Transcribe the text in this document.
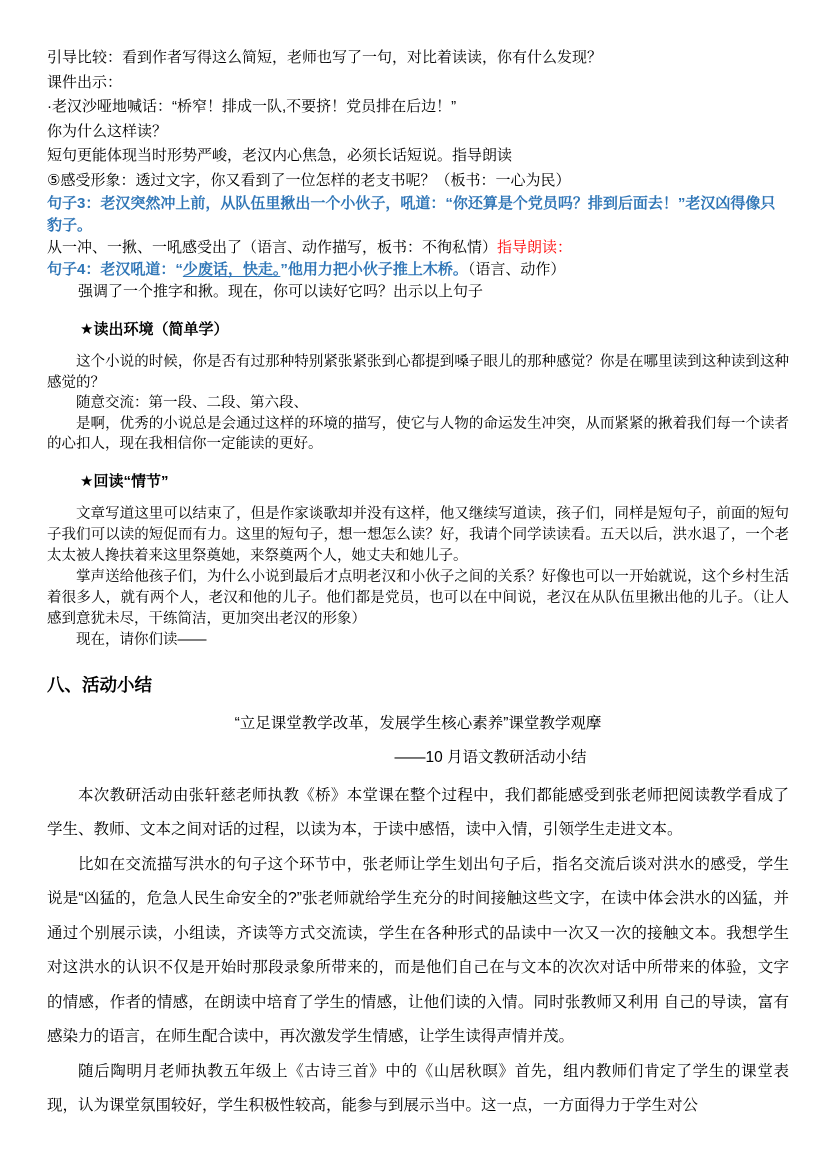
引导比较：看到作者写得这么简短，老师也写了一句，对比着读读，你有什么发现？
课件出示：
·老汉沙哑地喊话：“桥窄！排成一队,不要挤！党员排在后边！”
你为什么这样读？
短句更能体现当时形势严峻，老汉内心焦急，必须长话短说。指导朗读
⑤感受形象：透过文字，你又看到了一位怎样的老支书呢？（板书：一心为民）
句子3：老汉突然冲上前，从队伍里揪出一个小伙子，吼道：“你还算是个党员吗？排到后面去！”老汉凶得像只豹子。
从一冲、一揪、一吼感受出了（语言、动作描写，板书：不徇私情）指导朗读：
句子4：老汉吼道：“少废话，快走。”他用力把小伙子推上木桥。（语言、动作）
强调了一个推字和揪。现在，你可以读好它吗？出示以上句子
★读出环境（简单学）
这个小说的时候，你是否有过那种特别紧张紧张到心都提到嗓子眼儿的那种感觉？你是在哪里读到这种读到这种感觉的？
随意交流：第一段、二段、第六段、
是啊，优秀的小说总是会通过这样的环境的描写，使它与人物的命运发生冲突，从而紧紧的揪着我们每一个读者的心扣人，现在我相信你一定能读的更好。
★回读“情节”
文章写道这里可以结束了，但是作家谈歌却并没有这样，他又继续写道读，孩子们，同样是短句子，前面的短句子我们可以读的短促而有力。这里的短句子，想一想怎么读？好，我请个同学读读看。五天以后，洪水退了，一个老太太被人搀扶着来这里祭奠她，来祭奠两个人，她丈夫和她儿子。
掌声送给他孩子们，为什么小说到最后才点明老汉和小伙子之间的关系？好像也可以一开始就说，这个乡村生活着很多人，就有两个人，老汉和他的儿子。他们都是党员，也可以在中间说，老汉在从队伍里揪出他的儿子。（让人感到意犹未尽，干练简洁，更加突出老汉的形象）
现在，请你们读——
八、活动小结
“立足课堂教学改革，发展学生核心素养”课堂教学观摩
——10 月语文教研活动小结
本次教研活动由张轩慈老师执教《桥》本堂课在整个过程中，我们都能感受到张老师把阅读教学看成了学生、教师、文本之间对话的过程，以读为本，于读中感悟，读中入情，引领学生走进文本。
比如在交流描写洪水的句子这个环节中，张老师让学生划出句子后，指名交流后谈对洪水的感受，学生说是“凶猛的，危急人民生命安全的?”张老师就给学生充分的时间接触这些文字，在读中体会洪水的凶猛，并通过个别展示读，小组读，齐读等方式交流读，学生在各种形式的品读中一次又一次的接触文本。我想学生对这洪水的认识不仅是开始时那段录象所带来的，而是他们自己在与文本的次次对话中所带来的体验，文字的情感，作者的情感，在朗读中培育了学生的情感，让他们读的入情。同时张教师又利用 自己的导读，富有感染力的语言，在师生配合读中，再次激发学生情感，让学生读得声情并茂。
随后陶明月老师执教五年级上《古诗三首》中的《山居秋暝》首先，组内教师们肯定了学生的课堂表现，认为课堂氛围较好，学生积极性较高，能参与到展示当中。这一点，一方面得力于学生对公
